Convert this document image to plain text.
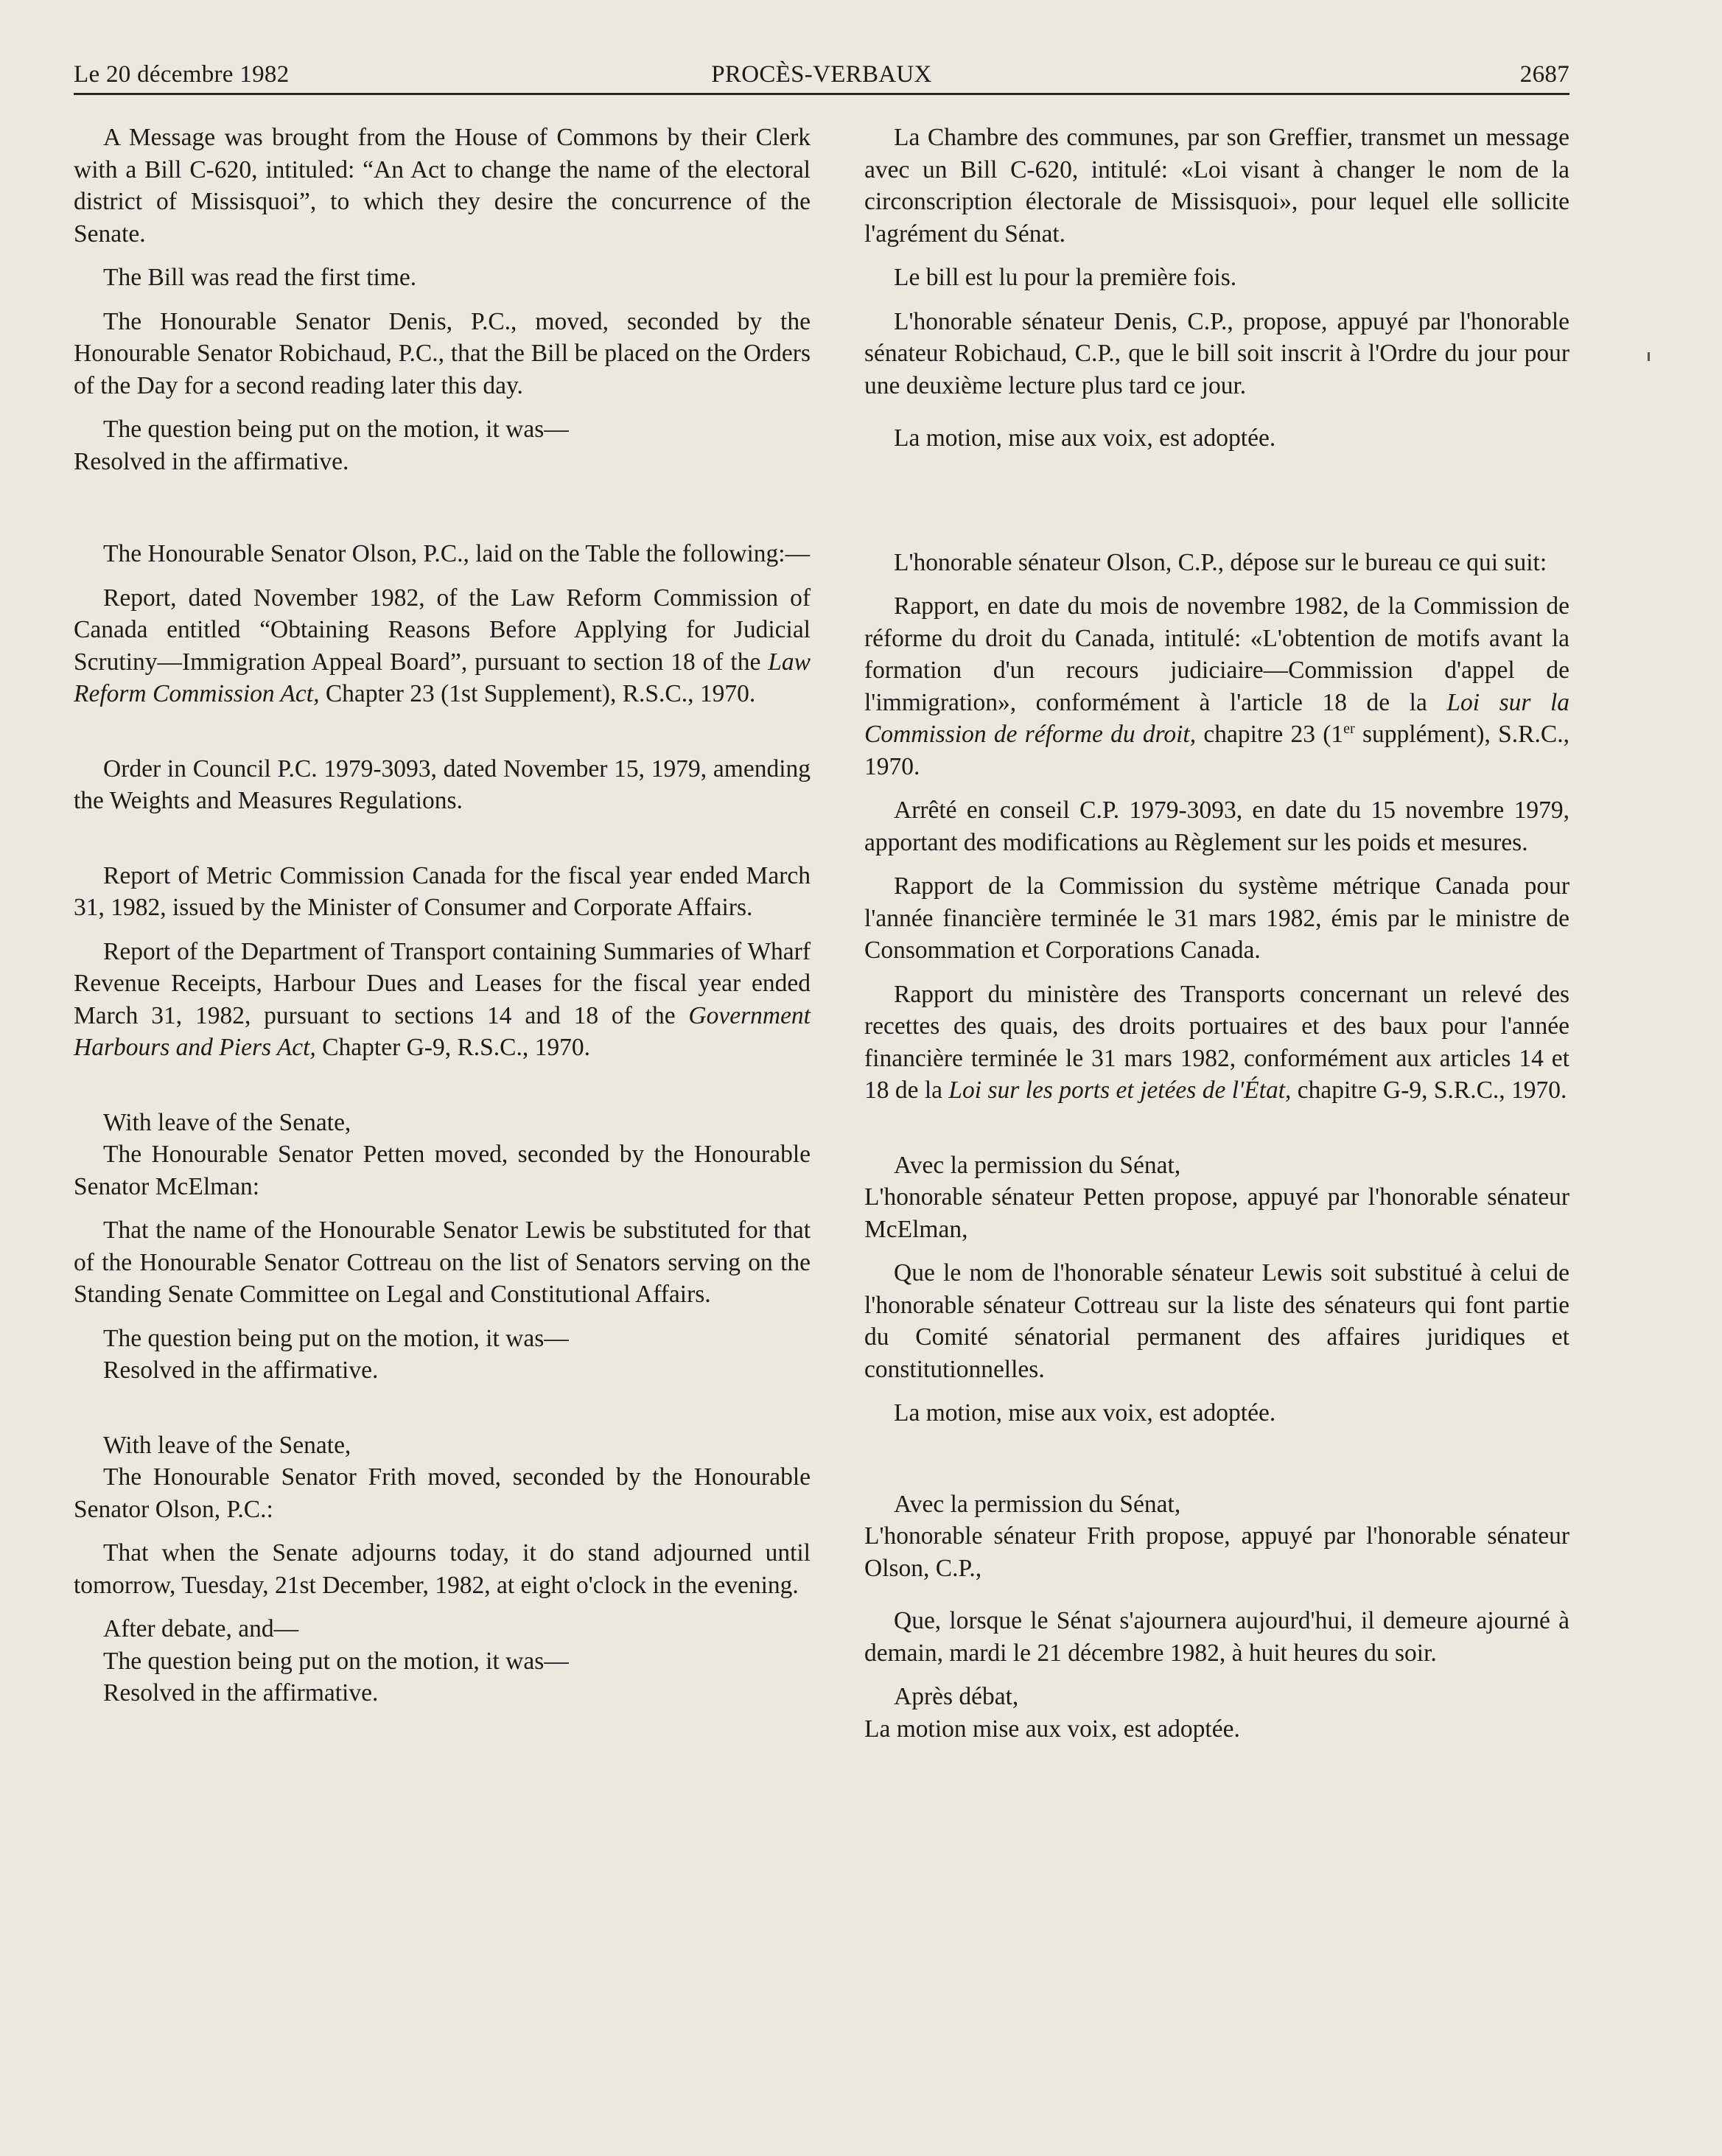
Le 20 décembre 1982	PROCÈS-VERBAUX	2687

A Message was brought from the House of Commons by their Clerk with a Bill C-620, intituled: “An Act to change the name of the electoral district of Missisquoi”, to which they desire the concurrence of the Senate.

The Bill was read the first time.

The Honourable Senator Denis, P.C., moved, seconded by the Honourable Senator Robichaud, P.C., that the Bill be placed on the Orders of the Day for a second reading later this day.

The question being put on the motion, it was—
Resolved in the affirmative.

The Honourable Senator Olson, P.C., laid on the Table the following:—

Report, dated November 1982, of the Law Reform Commission of Canada entitled “Obtaining Reasons Before Applying for Judicial Scrutiny—Immigration Appeal Board”, pursuant to section 18 of the Law Reform Commission Act, Chapter 23 (1st Supplement), R.S.C., 1970.

Order in Council P.C. 1979-3093, dated November 15, 1979, amending the Weights and Measures Regulations.

Report of Metric Commission Canada for the fiscal year ended March 31, 1982, issued by the Minister of Consumer and Corporate Affairs.

Report of the Department of Transport containing Summaries of Wharf Revenue Receipts, Harbour Dues and Leases for the fiscal year ended March 31, 1982, pursuant to sections 14 and 18 of the Government Harbours and Piers Act, Chapter G-9, R.S.C., 1970.

With leave of the Senate,
The Honourable Senator Petten moved, seconded by the Honourable Senator McElman:

That the name of the Honourable Senator Lewis be substituted for that of the Honourable Senator Cottreau on the list of Senators serving on the Standing Senate Committee on Legal and Constitutional Affairs.

The question being put on the motion, it was—
Resolved in the affirmative.

With leave of the Senate,
The Honourable Senator Frith moved, seconded by the Honourable Senator Olson, P.C.:

That when the Senate adjourns today, it do stand adjourned until tomorrow, Tuesday, 21st December, 1982, at eight o'clock in the evening.

After debate, and—
The question being put on the motion, it was—
Resolved in the affirmative.

La Chambre des communes, par son Greffier, transmet un message avec un Bill C-620, intitulé: «Loi visant à changer le nom de la circonscription électorale de Missisquoi», pour lequel elle sollicite l'agrément du Sénat.

Le bill est lu pour la première fois.

L'honorable sénateur Denis, C.P., propose, appuyé par l'honorable sénateur Robichaud, C.P., que le bill soit inscrit à l'Ordre du jour pour une deuxième lecture plus tard ce jour.

La motion, mise aux voix, est adoptée.

L'honorable sénateur Olson, C.P., dépose sur le bureau ce qui suit:

Rapport, en date du mois de novembre 1982, de la Commission de réforme du droit du Canada, intitulé: «L'obtention de motifs avant la formation d'un recours judiciaire—Commission d'appel de l'immigration», conformément à l'article 18 de la Loi sur la Commission de réforme du droit, chapitre 23 (1er supplément), S.R.C., 1970.

Arrêté en conseil C.P. 1979-3093, en date du 15 novembre 1979, apportant des modifications au Règlement sur les poids et mesures.

Rapport de la Commission du système métrique Canada pour l'année financière terminée le 31 mars 1982, émis par le ministre de Consommation et Corporations Canada.

Rapport du ministère des Transports concernant un relevé des recettes des quais, des droits portuaires et des baux pour l'année financière terminée le 31 mars 1982, conformément aux articles 14 et 18 de la Loi sur les ports et jetées de l'État, chapitre G-9, S.R.C., 1970.

Avec la permission du Sénat,
L'honorable sénateur Petten propose, appuyé par l'honorable sénateur McElman,

Que le nom de l'honorable sénateur Lewis soit substitué à celui de l'honorable sénateur Cottreau sur la liste des sénateurs qui font partie du Comité sénatorial permanent des affaires juridiques et constitutionnelles.

La motion, mise aux voix, est adoptée.

Avec la permission du Sénat,
L'honorable sénateur Frith propose, appuyé par l'honorable sénateur Olson, C.P.,

Que, lorsque le Sénat s'ajournera aujourd'hui, il demeure ajourné à demain, mardi le 21 décembre 1982, à huit heures du soir.

Après débat,
La motion mise aux voix, est adoptée.
